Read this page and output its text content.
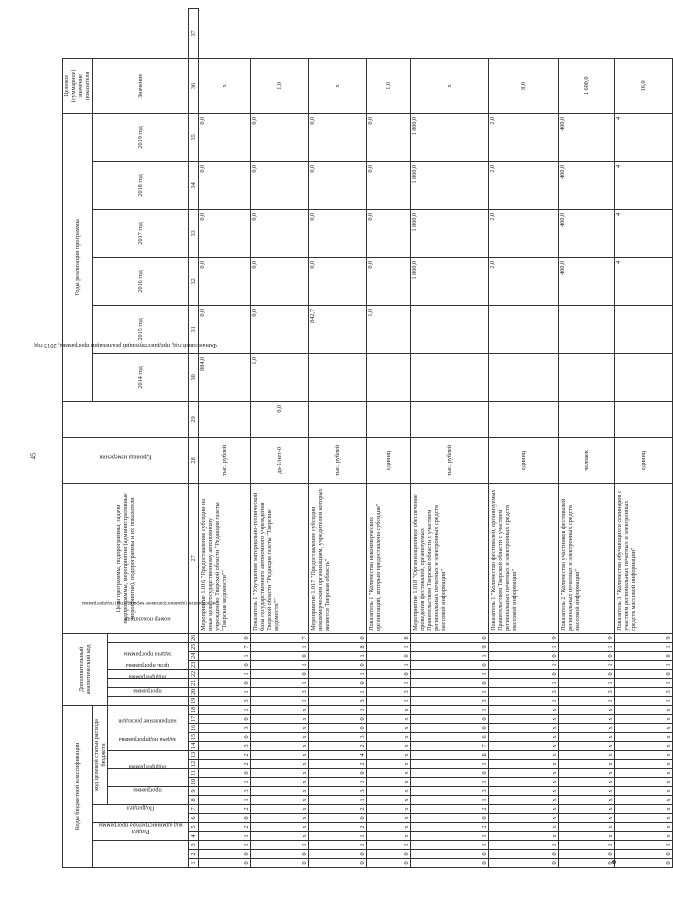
45
Коды бюджетной классификации																		Дополнительный аналитический код								Цели программы, подпрограммы, задачи подпрограммы, мероприятия (административные мероприятия), подпрограммы и их показатели	Единица измерения	Финансовый год, предшествующий реализации программы, 2013 год	Годы реализации программы						Целевое (суммарное) значение показателя	
код администратора программы			Раздел		Подраздел		код целевой статьи расхода бюджета																						2014 год	2015 год	2016 год	2017 год	2018 год	2019 год	Значение	
							программа		подпрограмма		задача подпрограммы		направление расходов					программа	подпрограмма	цель программы	задача программы	мероприятие (административное мероприятие) подпрограммы			номер показателя											

1	2	3	4	5	6	7	8	9	10	11	12	13	14	15	16	17	18	19	20	21	22	23	24	25	26	27	28	29	30	31	32	33	34	35	36	37
0	0	1	1	2	0	2	1	3	1	0	2	2	3	0	3	0	1	3	1	0	1	0	1	7	0	Мероприятие 1.016 "Предоставление субсидии на иные цели государственному автономному учреждению Тверской области "Редакция газеты "Тверские ведомости""	тыс. рублей		884,0	0,0	0,0	0,0	0,0	0,0	х	
0	0	1	х	х	х	х	х	х	х	х	х	х	х	х	х	х	х	1	3	1	0	1	0	1	7	Показатель 1 "Улучшение материально-технической базы государственного автономного учреждения Тверской области "Редакция газеты "Тверские ведомости""	да-1/нет-0	0,0	1,0	0,0	0,0	0,0	0,0	0,0	1,0	
0	0	1	1	2	0	2	1	3	1	0	2	4	2	3	0	0	1	3	1	0	1	0	1	8	0	Мероприятие 1.017 "Предоставление субсидии некоммерческим организациям, учредителем которых является Тверская область"	тыс. рублей			842,7	0,0	0,0	0,0	0,0	х	
0	0	1	х	х	х	х	х	х	х	х	х	х	х	х	х	х	х	1	3	1	0	1	0	1	8	Показатель 1 "Количество некоммерческих организаций, которым предоставлена субсидия"	единиц			1,0	0,0	0,0	0,0	0,0	1,0	
0	0	1	1	2	0	2	1	3	1	0	1	Б	7	6	0	0	1	3	1	0	1	0	1	9	0	Мероприятие 1.018 "Организационное обеспечение проведения фестивалей, организуемых Правительством Тверской области с участием региональных печатных и электронных средств массовой информации"	тыс. рублей				1 800,0	1 800,0	1 800,0	1 800,0	х	
0	0	1	х	х	х	х	х	х	х	х	х	х	х	х	х	х	х	1	3	1	0	1	0	1	9	Показатель 1 "Количество фестивалей, организуемых Правительством Тверской области с участием региональных печатных и электронных средств массовой информации"	единиц				2,0	2,0	2,0	2,0	8,0	
0	0	1	х	х	х	х	х	х	х	х	х	х	х	х	х	х	х	1	3	1	0	1	0	1	9	Показатель 2 "Количество участников фестивалей региональных печатных и электронных средств массовой информации"	человек				400,0	400,0	400,0	400,0	1 600,0	
0	0	1	х	х	х	х	х	х	х	х	х	х	х	х	х	х	х	1	3	1	0	1	0	1	9	Показатель 3 "Количество обучающихся семинаров с участием региональных печатных и электронных средств массовой информации"	единиц				4	4	4	4	16,0	
